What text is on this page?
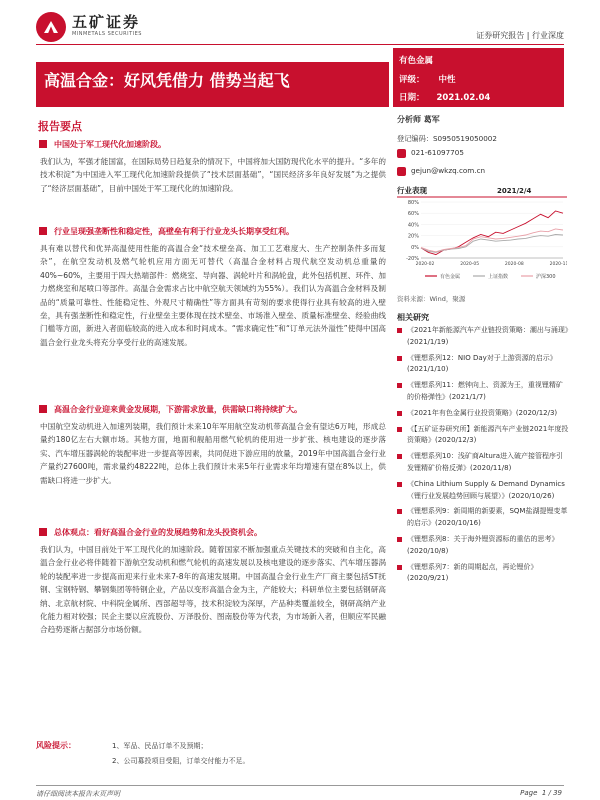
五矿证券
MINMETALS SECURITIES	证券研究报告 | 行业深度
高温合金：好风凭借力 借势当起飞
有色金属
评级： 中性
日期： 2021.02.04
分析师 葛军
登记编码：S0950519050002
021-61097705
gejun@wkzq.com.cn
行业表现	2021/2/4
80%
60%
40%
20%
0%
-20%
2020-02	2020-05	2020-08	2020-11
有色金属	上证指数	沪深300
资料来源：Wind，聚源
相关研究
《2021年新能源汽车产业链投资策略：潮出与涌现》(2021/1/19)
《锂想系列12：NIO Day对于上游资源的启示》(2021/1/10)
《锂想系列11：燃钟向上、资源为王，重视锂精矿的价格弹性》(2021/1/7)
《2021年有色金属行业投资策略》(2020/12/3)
《【五矿证券研究所】新能源汽车产业链2021年度投资策略》(2020/12/3)
《锂想系列10：浅矿商Altura进入破产接管程序引发锂精矿价格反弹》(2020/11/8)
《China Lithium Supply & Demand Dynamics（锂行业发展趋势回顾与展望）》(2020/10/26)
《锂想系列9：新周期的新要素，SQM盐湖提锂变革的启示》(2020/10/16)
《锂想系列8：关于海外锂资源标的重估的思考》(2020/10/8)
《锂想系列7：新的周期起点，再论锂价》(2020/9/21)
报告要点
中国处于军工现代化加速阶段。
我们认为，军强才能国富，在国际局势日趋复杂的情况下，中国将加大国防现代化水平的提升。“多年的技术积淀”为中国进入军工现代化加速阶段提供了“技术层面基础”，“国民经济多年良好发展”为之提供了“经济层面基础”，目前中国处于军工现代化的加速阶段。
行业呈现强垄断性和稳定性，高壁垒有利于行业龙头长期享受红利。
具有难以替代和优异高温使用性能的高温合金“技术壁垒高、加工工艺难度大、生产控制条件多而复杂”，在航空发动机及燃气轮机应用方面无可替代（高温合金材料占现代航空发动机总重量的40%~60%，主要用于四大热端部件：燃烧室、导向器、涡轮叶片和涡轮盘，此外包括机匣、环件、加力燃烧室和尾喷口等部件。高温合金需求占比中航空航天领域约为55%）。我们认为高温合金材料及制品的“质量可靠性、性能稳定性、外观尺寸精确性”等方面具有苛刻的要求使得行业具有较高的进入壁垒，具有强垄断性和稳定性，行业壁垒主要体现在技术壁垒、市场准入壁垒、质量标准壁垒、经验曲线门槛等方面，新进入者面临较高的进入成本和时间成本。“需求确定性”和“订单元法外溢性”使得中国高温合金行业龙头将充分享受行业的高速发展。
高温合金行业迎来黄金发展期，下游需求放量，供需缺口将持续扩大。
中国航空发动机进入加速列装期，我们预计未来10年军用航空发动机带高温合金有望达6万吨，形成总量约180亿左右大额市场。其他方面，地面和舰船用燃气轮机的使用进一步扩张、核电建设的逐步落实、汽车增压器涡轮的装配率进一步提高等因素，共同促进下游应用的放量，2019年中国高温合金行业产量约27600吨，需求量约48222吨，总体上我们预计未来5年行业需求年均增速有望在8%以上，供需缺口将进一步扩大。
总体观点：看好高温合金行业的发展趋势和龙头投资机会。
我们认为，中国目前处于军工现代化的加速阶段。随着国家不断加强重点关键技术的突破和自主化，高温合金行业必将伴随着下游航空发动机和燃气轮机的高速发展以及核电建设的逐步落实、汽车增压器涡轮的装配率进一步提高而迎来行业未来7-8年的高速发展期。中国高温合金行业生产厂商主要包括ST抚钢、宝钢特钢、攀钢集团等特钢企业，产品以变形高温合金为主，产能较大；科研单位主要包括钢研高纳、北京航材院、中科院金属所、西部超导等，技术积淀较为深厚，产品种类覆盖较全，钢研高纳产业化能力相对较强；民企主要以应流股份、万泽股份、图南股份等为代表，为市场新入者，但顺应军民融合趋势逐渐占据部分市场份额。
风险提示：	1、军品、民品订单不及预期；
2、公司募投项目受阻，订单交付能力不足。
请仔细阅读本报告末页声明	Page 1 / 39
